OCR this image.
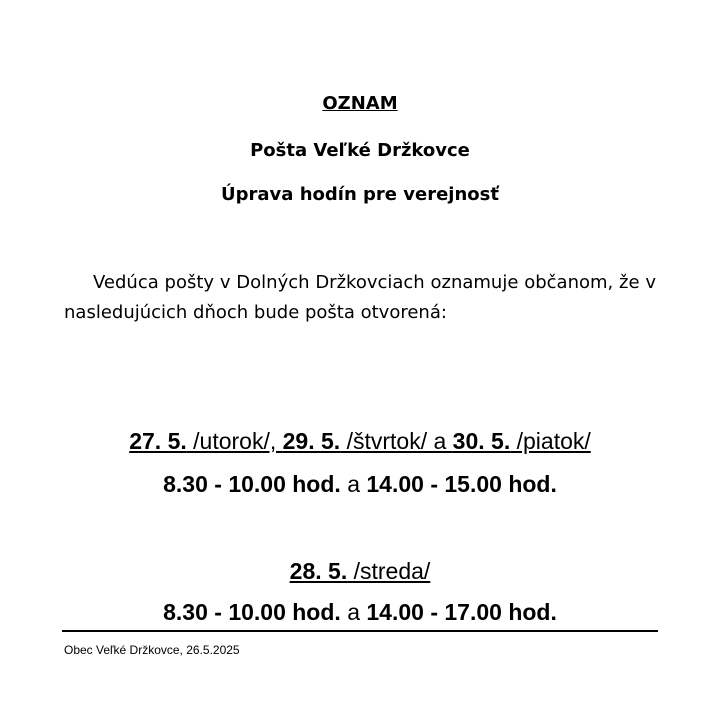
OZNAM
Pošta Veľké Držkovce
Úprava hodín pre verejnosť
Vedúca pošty v Dolných Držkovciach oznamuje občanom, že v nasledujúcich dňoch bude pošta otvorená:
27. 5. /utorok/, 29. 5. /štvrtok/ a 30. 5. /piatok/
8.30 - 10.00 hod. a 14.00 - 15.00 hod.
28. 5. /streda/
8.30 - 10.00 hod. a 14.00 - 17.00 hod.
Obec Veľké Držkovce, 26.5.2025
